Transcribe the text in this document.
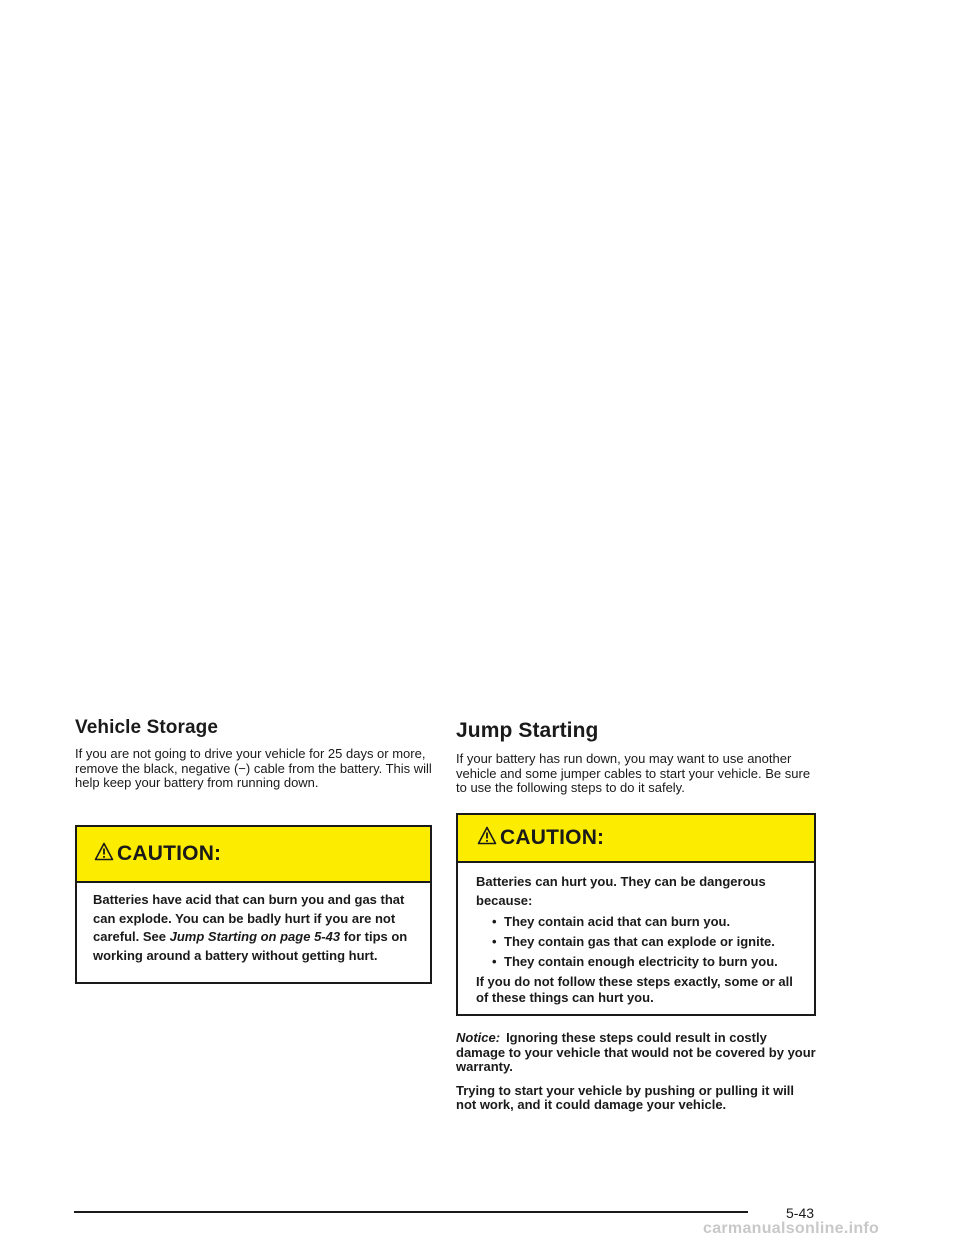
Vehicle Storage

If you are not going to drive your vehicle for 25 days or more, remove the black, negative (−) cable from the battery. This will help keep your battery from running down.

CAUTION:
Batteries have acid that can burn you and gas that can explode. You can be badly hurt if you are not careful. See Jump Starting on page 5-43 for tips on working around a battery without getting hurt.
Jump Starting

If your battery has run down, you may want to use another vehicle and some jumper cables to start your vehicle. Be sure to use the following steps to do it safely.

CAUTION:
Batteries can hurt you. They can be dangerous because:
• They contain acid that can burn you.
• They contain gas that can explode or ignite.
• They contain enough electricity to burn you.
If you do not follow these steps exactly, some or all of these things can hurt you.

Notice: Ignoring these steps could result in costly damage to your vehicle that would not be covered by your warranty.

Trying to start your vehicle by pushing or pulling it will not work, and it could damage your vehicle.

5-43
carmanualsonline.info
